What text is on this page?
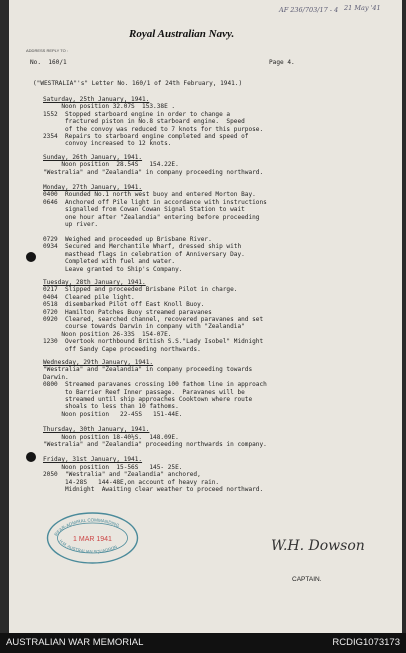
AF 236/703/17 - 4 21 May '41
Royal Australian Navy.
ADDRESS REPLY TO :
No.  160/1	Page 4.
("WESTRALIA"'s" Letter No. 160/1 of 24th February, 1941.)
Saturday, 25th January, 1941.
Noon position 32.07S  153.38E .
1552  Stopped starboard engine in order to change a
fractured piston in No.8 starboard engine.  Speed
of the convoy was reduced to 7 knots for this purpose.
2354  Repairs to starboard engine completed and speed of
convoy increased to 12 knots.
Sunday, 26th January, 1941.
Noon position  28.54S   154.22E.
"Westralia" and "Zealandia" in company proceeding northward.
Monday, 27th January, 1941.
0400  Rounded No.1 north west buoy and entered Morton Bay.
0646  Anchored off Pile light in accordance with instructions
signalled from Cowan Cowan Signal Station to wait
one hour after "Zealandia" entering before proceeding
up river.
0729  Weighed and proceeded up Brisbane River.
0934  Secured and Merchantile Wharf, dressed ship with
masthead flags in celebration of Anniversary Day.
Completed with fuel and water.
Leave granted to Ship's Company.
Tuesday, 28th January, 1941.
0217  Slipped and proceeded Brisbane Pilot in charge.
0404  Cleared pile light.
0518  disembarked Pilot off East Knoll Buoy.
0720  Hamilton Patches Buoy streamed paravanes
0920  Cleared, searched channel, recovered paravanes and set
course towards Darwin in company with "Zealandia"
Noon position 26-33S  154-07E.
1230  Overtook northbound British S.S."Lady Isobel" Midnight
off Sandy Cape proceeding northwards.
Wednesday, 29th January, 1941.
"Westralia" and "Zealandia" in company proceeding towards
Darwin.
0800  Streamed paravanes crossing 100 fathom line in approach
to Barrier Reef Inner passage.  Paravanes will be
streamed until ship approaches Cooktown where route
shoals to less than 10 fathoms.
Noon position   22-45S   151-44E.
Thursday, 30th January, 1941.
Noon position 18-40½S.  148.09E.
"Westralia" and "Zealandia" proceeding northwards in company.
Friday, 31st January, 1941.
Noon position  15-56S   145- 25E.
2050  "Westralia" and "Zealandia" anchored,
14-28S   144-48E,on account of heavy rain.
Midnight  Awaiting clear weather to proceed northward.
REAR-ADMIRAL COMMANDING
H.M. AUSTRALIAN SQUADRON
1 MAR 1941	W.H. Dowson
CAPTAIN.
AUSTRALIAN WAR MEMORIAL	RCDIG1073173
